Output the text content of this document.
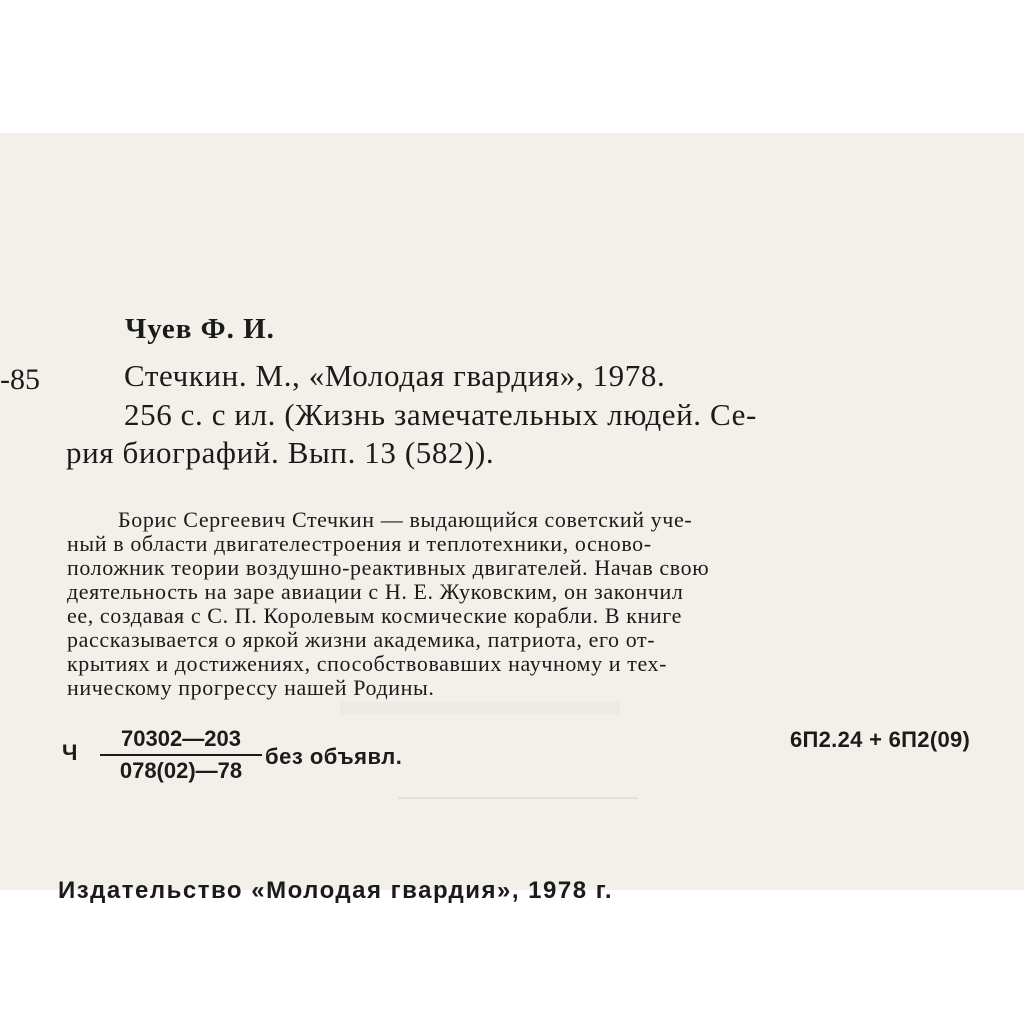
Чуев Ф. И.
-85	Стечкин. М., «Молодая гвардия», 1978.
256 с. с ил. (Жизнь замечательных людей. Се-
рия биографий. Вып. 13 (582)).
Борис Сергеевич Стечкин — выдающийся советский уче-
ный в области двигателестроения и теплотехники, осново-
положник теории воздушно-реактивных двигателей. Начав свою
деятельность на заре авиации с Н. Е. Жуковским, он закончил
ее, создавая с С. П. Королевым космические корабли. В книге
рассказывается о яркой жизни академика, патриота, его от-
крытиях и достижениях, способствовавших научному и тех-
ническому прогрессу нашей Родины.
Ч $\frac{70302—203}{078(02)—78}$ без объявл.
6П2.24 + 6П2(09)
Издательство «Молодая гвардия», 1978 г.
